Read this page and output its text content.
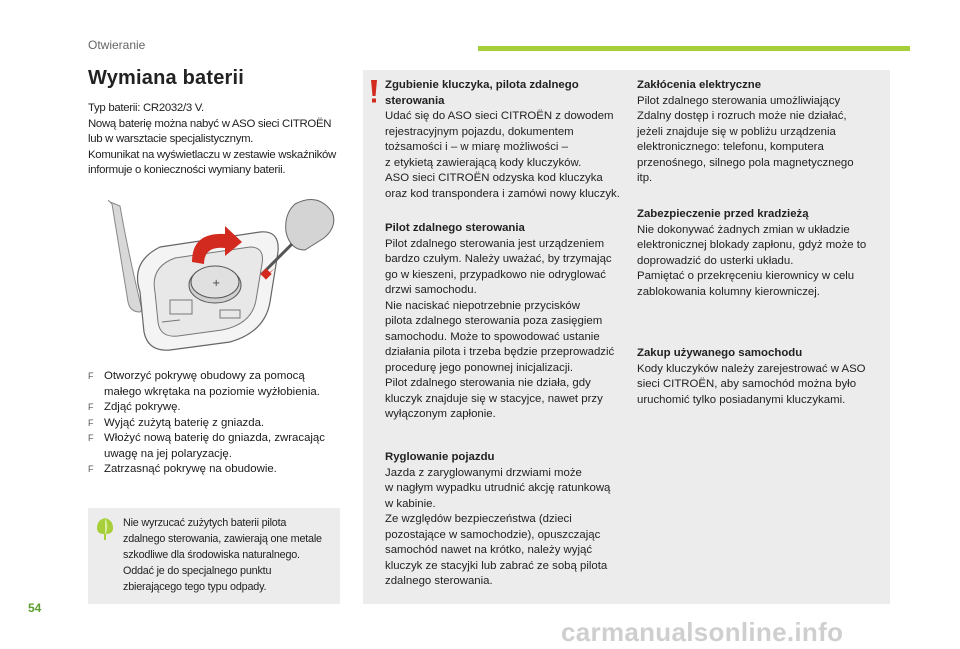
Otwieranie
Wymiana baterii
Typ baterii: CR2032/3 V.
Nową baterię można nabyć w ASO sieci CITROËN
lub w warsztacie specjalistycznym.
Komunikat na wyświetlaczu w zestawie wskaźników
informuje o konieczności wymiany baterii.
+

F Otworzyć pokrywę obudowy za pomocą
małego wkrętaka na poziomie wyżłobienia.

F Zdjąć pokrywę.

F Wyjąć zużytą baterię z gniazda.

F Włożyć nową baterię do gniazda, zwracając
uwagę na jej polaryzację.

F Zatrzasnąć pokrywę na obudowie.

Nie wyrzucać zużytych baterii pilota
zdalnego sterowania, zawierają one metale
szkodliwe dla środowiska naturalnego.
Oddać je do specjalnego punktu
zbierającego tego typu odpady.
Zgubienie kluczyka, pilota zdalnego
sterowania
Udać się do ASO sieci CITROËN z dowodem
rejestracyjnym pojazdu, dokumentem
tożsamości i – w miarę możliwości –
z etykietą zawierającą kody kluczyków.
ASO sieci CITROËN odzyska kod kluczyka
oraz kod transpondera i zamówi nowy kluczyk.
Pilot zdalnego sterowania
Pilot zdalnego sterowania jest urządzeniem
bardzo czułym. Należy uważać, by trzymając
go w kieszeni, przypadkowo nie odryglować
drzwi samochodu.
Nie naciskać niepotrzebnie przycisków
pilota zdalnego sterowania poza zasięgiem
samochodu. Może to spowodować ustanie
działania pilota i trzeba będzie przeprowadzić
procedurę jego ponownej inicjalizacji.
Pilot zdalnego sterowania nie działa, gdy
kluczyk znajduje się w stacyjce, nawet przy
wyłączonym zapłonie.
Ryglowanie pojazdu
Jazda z zaryglowanymi drzwiami może
w nagłym wypadku utrudnić akcję ratunkową
w kabinie.
Ze względów bezpieczeństwa (dzieci
pozostające w samochodzie), opuszczając
samochód nawet na krótko, należy wyjąć
kluczyk ze stacyjki lub zabrać ze sobą pilota
zdalnego sterowania.
Zakłócenia elektryczne
Pilot zdalnego sterowania umożliwiający
Zdalny dostęp i rozruch może nie działać,
jeżeli znajduje się w pobliżu urządzenia
elektronicznego: telefonu, komputera
przenośnego, silnego pola magnetycznego
itp.
Zabezpieczenie przed kradzieżą
Nie dokonywać żadnych zmian w układzie
elektronicznej blokady zapłonu, gdyż może to
doprowadzić do usterki układu.
Pamiętać o przekręceniu kierownicy w celu
zablokowania kolumny kierowniczej.
Zakup używanego samochodu
Kody kluczyków należy zarejestrować w ASO
sieci CITROËN, aby samochód można było
uruchomić tylko posiadanymi kluczykami.
54
carmanualsonline.info
